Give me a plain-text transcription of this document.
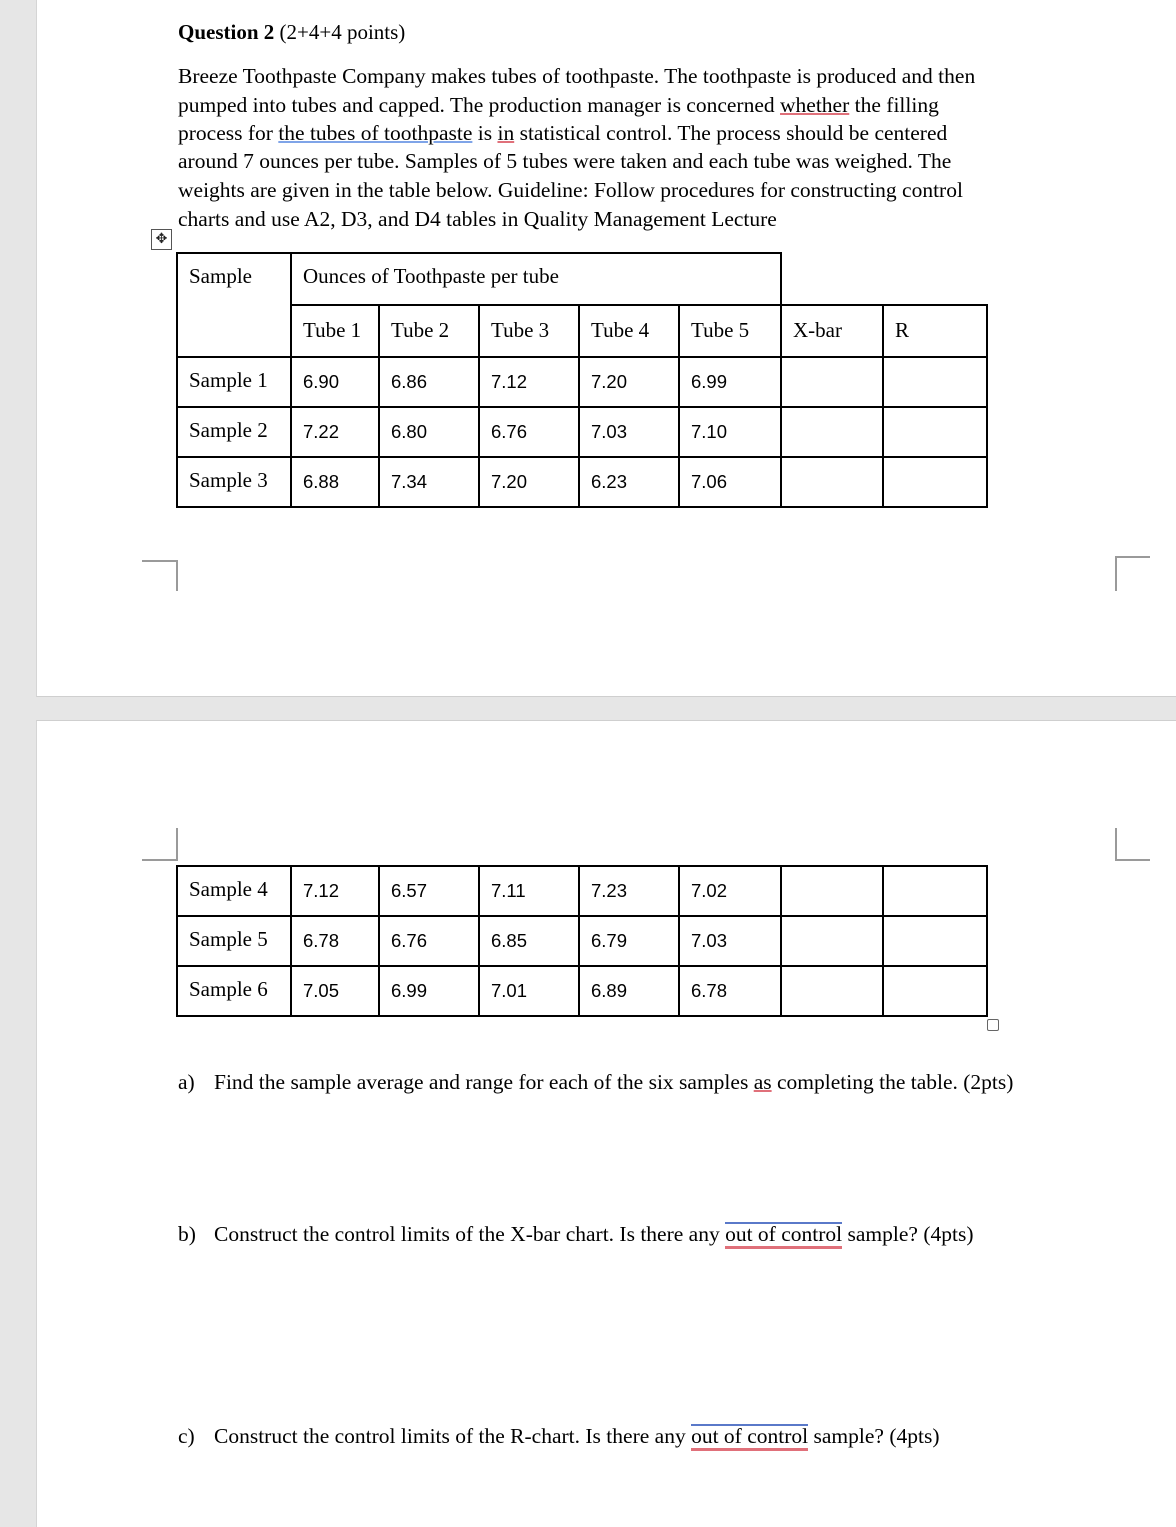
Question 2 (2+4+4 points)
Breeze Toothpaste Company makes tubes of toothpaste. The toothpaste is produced and then
pumped into tubes and capped. The production manager is concerned whether the filling
process for the tubes of toothpaste is in statistical control. The process should be centered
around 7 ounces per tube. Samples of 5 tubes were taken and each tube was weighed. The
weights are given in the table below. Guideline: Follow procedures for constructing control
charts and use A2, D3, and D4 tables in Quality Management Lecture
✥
Sample	Ounces of Toothpaste per tube						

	Tube 1	Tube 2	Tube 3	Tube 4	Tube 5	X-bar	R

Sample 1	6.90	6.86	7.12	7.20	6.99		

Sample 2	7.22	6.80	6.76	7.03	7.10		

Sample 3	6.88	7.34	7.20	6.23	7.06		

Sample 4	7.12	6.57	7.11	7.23	7.02		

Sample 5	6.78	6.76	6.85	6.79	7.03		

Sample 6	7.05	6.99	7.01	6.89	6.78		

a) Find the sample average and range for each of the six samples as completing the table. (2pts)
b) Construct the control limits of the X-bar chart. Is there any out of control sample? (4pts)
c) Construct the control limits of the R-chart. Is there any out of control sample? (4pts)
